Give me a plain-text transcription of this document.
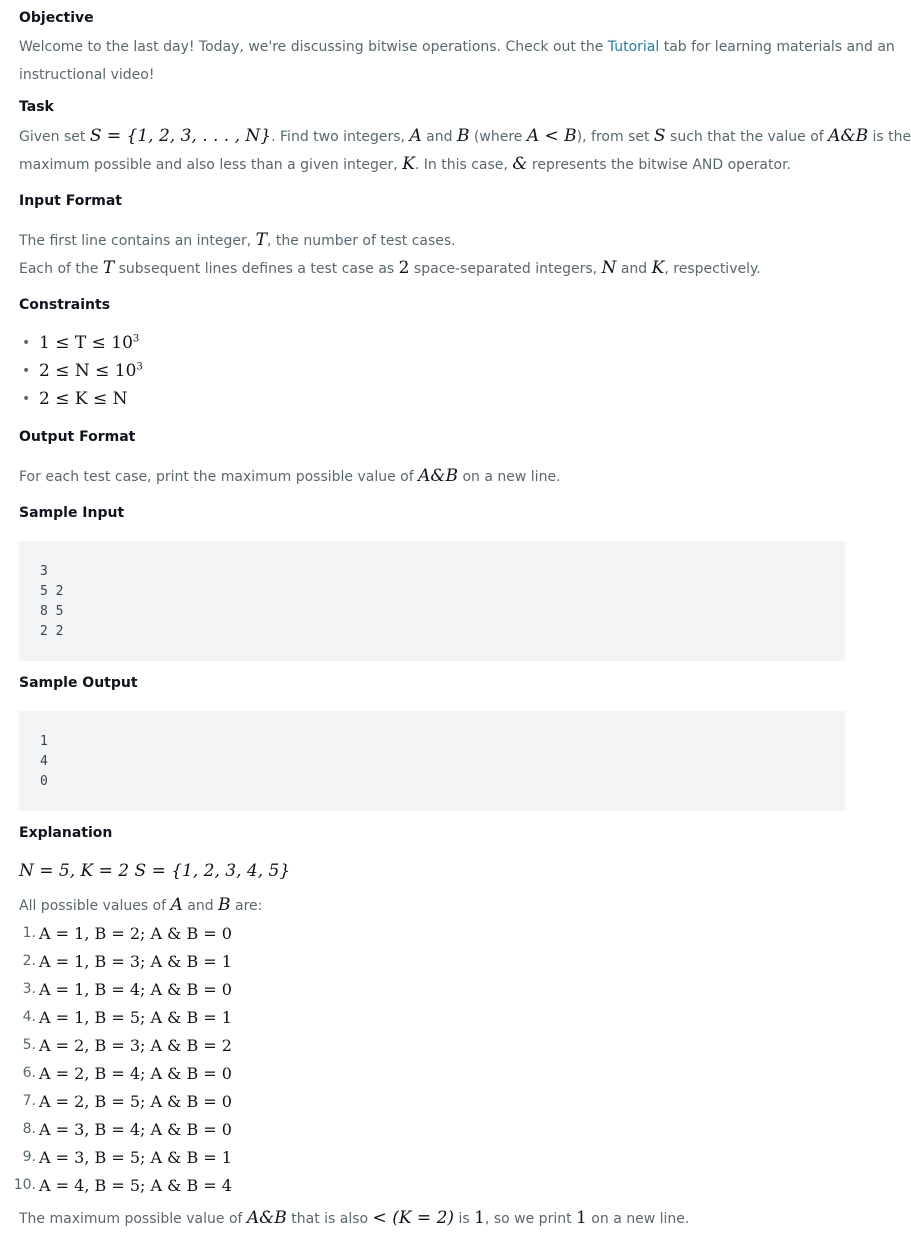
Objective
Welcome to the last day! Today, we're discussing bitwise operations. Check out the Tutorial tab for learning materials and an
instructional video!
Task
Given set S = {1, 2, 3, . . . , N}. Find two integers, A and B (where A < B), from set S such that the value of A&B is the
maximum possible and also less than a given integer, K. In this case, & represents the bitwise AND operator.
Input Format
The first line contains an integer, T, the number of test cases.
Each of the T subsequent lines defines a test case as 2 space-separated integers, N and K, respectively.
Constraints
• $1 \le T \le 10^3$
• $2 \le N \le 10^3$
• 2 ≤ K ≤ N
Output Format
For each test case, print the maximum possible value of A&B on a new line.
Sample Input
3
5 2
8 5
2 2
Sample Output
1
4
0
Explanation
N = 5, K = 2 S = {1, 2, 3, 4, 5}
All possible values of A and B are:
1. A = 1, B = 2; A & B = 0
2. A = 1, B = 3; A & B = 1
3. A = 1, B = 4; A & B = 0
4. A = 1, B = 5; A & B = 1
5. A = 2, B = 3; A & B = 2
6. A = 2, B = 4; A & B = 0
7. A = 2, B = 5; A & B = 0
8. A = 3, B = 4; A & B = 0
9. A = 3, B = 5; A & B = 1
10. A = 4, B = 5; A & B = 4
The maximum possible value of A&B that is also < (K = 2) is 1, so we print 1 on a new line.
